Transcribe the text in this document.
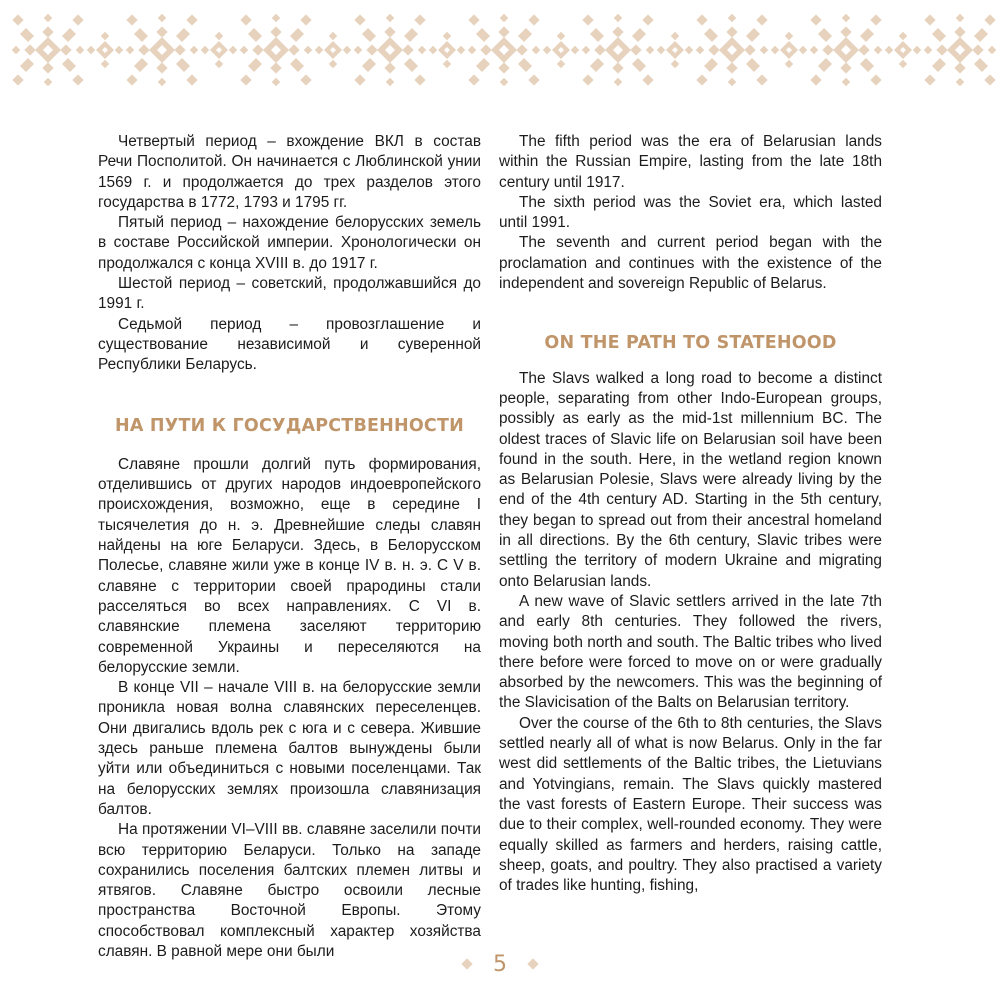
Четвертый период – вхождение ВКЛ в состав Речи Посполитой. Он начинается с Люблинской унии 1569 г. и продолжается до трех разделов этого государства в 1772, 1793 и 1795 гг.

Пятый период – нахождение белорусских земель в составе Российской империи. Хронологически он продолжался с конца XVIII в. до 1917 г.

Шестой период – советский, продолжавшийся до 1991 г.

Седьмой период – провозглашение и существование независимой и суверенной Республики Беларусь.

НА ПУТИ К ГОСУДАРСТВЕННОСТИ

Славяне прошли долгий путь формирования, отделившись от других народов индоевропейского происхождения, возможно, еще в середине I тысячелетия до н. э. Древнейшие следы славян найдены на юге Беларуси. Здесь, в Белорусском Полесье, славяне жили уже в конце IV в. н. э. С V в. славяне с территории своей прародины стали расселяться во всех направлениях. С VI в. славянские племена заселяют территорию современной Украины и переселяются на белорусские земли.

В конце VII – начале VIII в. на белорусские земли проникла новая волна славянских переселенцев. Они двигались вдоль рек с юга и с севера. Жившие здесь раньше племена балтов вынуждены были уйти или объединиться с новыми поселенцами. Так на белорусских землях произошла славянизация балтов.

На протяжении VI–VIII вв. славяне заселили почти всю территорию Беларуси. Только на западе сохранились поселения балтских племен литвы и ятвягов. Славяне быстро освоили лесные пространства Восточной Европы. Этому способствовал комплексный характер хозяйства славян. В равной мере они были

The fifth period was the era of Belarusian lands within the Russian Empire, lasting from the late 18th century until 1917.

The sixth period was the Soviet era, which lasted until 1991.

The seventh and current period began with the proclamation and continues with the existence of the independent and sovereign Republic of Belarus.

ON THE PATH TO STATEHOOD

The Slavs walked a long road to become a distinct people, separating from other Indo-European groups, possibly as early as the mid-1st millennium BC. The oldest traces of Slavic life on Belarusian soil have been found in the south. Here, in the wetland region known as Belarusian Polesie, Slavs were already living by the end of the 4th century AD. Starting in the 5th century, they began to spread out from their ancestral homeland in all directions. By the 6th century, Slavic tribes were settling the territory of modern Ukraine and migrating onto Belarusian lands.

A new wave of Slavic settlers arrived in the late 7th and early 8th centuries. They followed the rivers, moving both north and south. The Baltic tribes who lived there before were forced to move on or were gradually absorbed by the newcomers. This was the beginning of the Slavicisation of the Balts on Belarusian territory.

Over the course of the 6th to 8th centuries, the Slavs settled nearly all of what is now Belarus. Only in the far west did settlements of the Baltic tribes, the Lietuvians and Yotvingians, remain. The Slavs quickly mastered the vast forests of Eastern Europe. Their success was due to their complex, well-rounded economy. They were equally skilled as farmers and herders, raising cattle, sheep, goats, and poultry. They also practised a variety of trades like hunting, fishing,

5
